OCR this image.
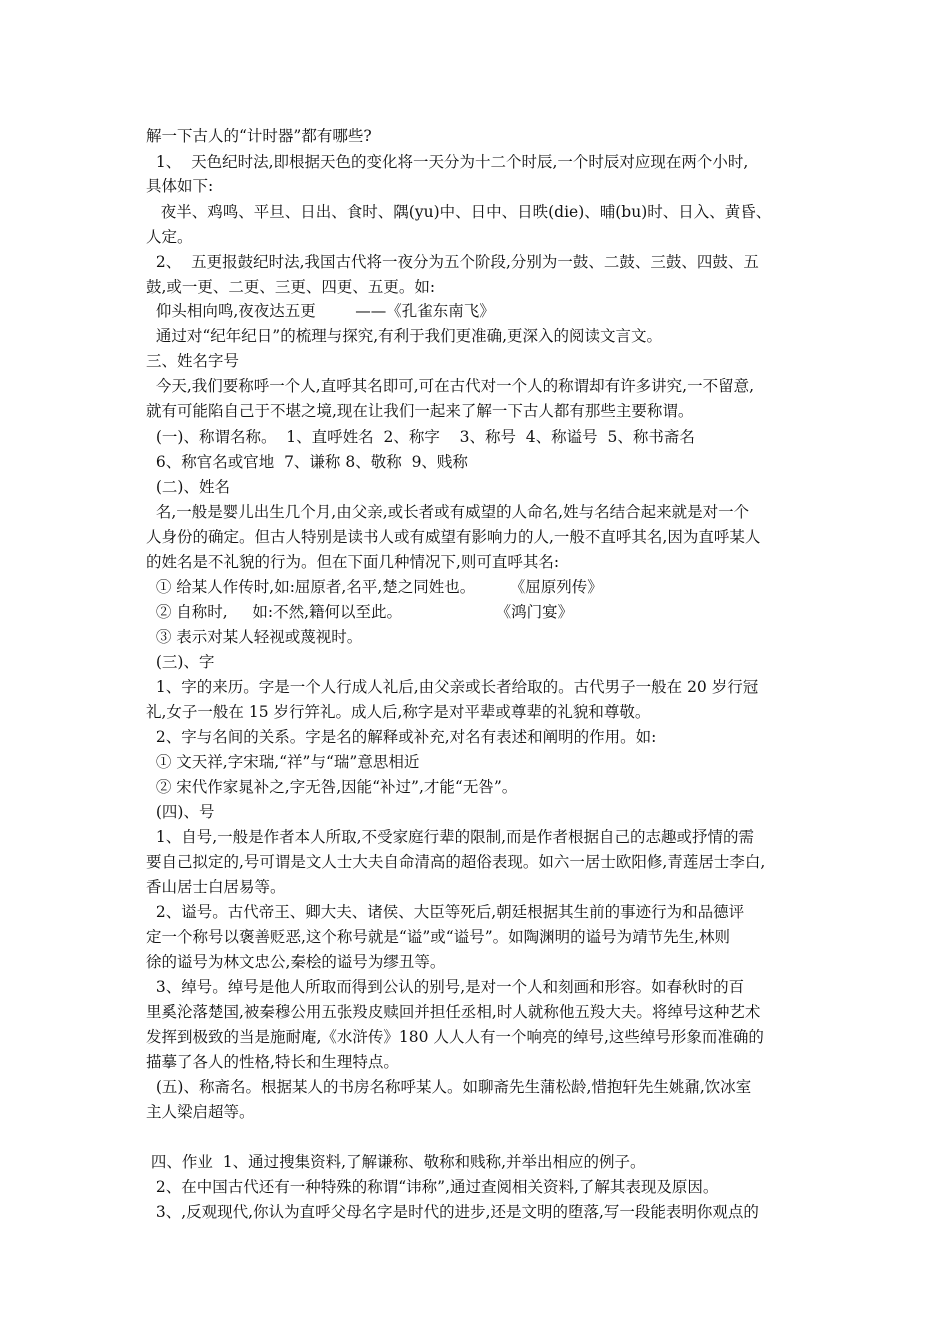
解一下古人的“计时器”都有哪些?
1、  天色纪时法,即根据天色的变化将一天分为十二个时辰,一个时辰对应现在两个小时,
具体如下:
夜半、鸡鸣、平旦、日出、食时、隅(yu)中、日中、日昳(die)、晡(bu)时、日入、黄昏、
人定。
2、  五更报鼓纪时法,我国古代将一夜分为五个阶段,分别为一鼓、二鼓、三鼓、四鼓、五
鼓,或一更、二更、三更、四更、五更。如:
仰头相向鸣,夜夜达五更        ——《孔雀东南飞》
通过对“纪年纪日”的梳理与探究,有利于我们更准确,更深入的阅读文言文。
三、姓名字号
今天,我们要称呼一个人,直呼其名即可,可在古代对一个人的称谓却有许多讲究,一不留意,
就有可能陷自己于不堪之境,现在让我们一起来了解一下古人都有那些主要称谓。
(一)、称谓名称。  1、直呼姓名  2、称字    3、称号  4、称谥号  5、称书斋名
6、称官名或官地  7、谦称 8、敬称  9、贱称
(二)、姓名
名,一般是婴儿出生几个月,由父亲,或长者或有威望的人命名,姓与名结合起来就是对一个
人身份的确定。但古人特别是读书人或有威望有影响力的人,一般不直呼其名,因为直呼某人
的姓名是不礼貌的行为。但在下面几种情况下,则可直呼其名:
① 给某人作传时,如:屈原者,名平,楚之同姓也。       《屈原列传》
② 自称时,     如:不然,籍何以至此。                   《鸿门宴》
③ 表示对某人轻视或蔑视时。
(三)、字
1、字的来历。字是一个人行成人礼后,由父亲或长者给取的。古代男子一般在 20 岁行冠
礼,女子一般在 15 岁行笄礼。成人后,称字是对平辈或尊辈的礼貌和尊敬。
2、字与名间的关系。字是名的解释或补充,对名有表述和阐明的作用。如:
① 文天祥,字宋瑞,“祥”与“瑞”意思相近
② 宋代作家晁补之,字无咎,因能“补过”,才能“无咎”。
(四)、号
1、自号,一般是作者本人所取,不受家庭行辈的限制,而是作者根据自己的志趣或抒情的需
要自己拟定的,号可谓是文人士大夫自命清高的超俗表现。如六一居士欧阳修,青莲居士李白,
香山居士白居易等。
2、谥号。古代帝王、卿大夫、诸侯、大臣等死后,朝廷根据其生前的事迹行为和品德评
定一个称号以褒善贬恶,这个称号就是“谥”或“谥号”。如陶渊明的谥号为靖节先生,林则
徐的谥号为林文忠公,秦桧的谥号为缪丑等。
3、绰号。绰号是他人所取而得到公认的别号,是对一个人和刻画和形容。如春秋时的百
里奚沦落楚国,被秦穆公用五张羖皮赎回并担任丞相,时人就称他五羖大夫。将绰号这种艺术
发挥到极致的当是施耐庵,《水浒传》180 人人人有一个响亮的绰号,这些绰号形象而准确的
描摹了各人的性格,特长和生理特点。
(五)、称斋名。根据某人的书房名称呼某人。如聊斋先生蒲松龄,惜抱轩先生姚鼐,饮冰室
主人梁启超等。
四、作业  1、通过搜集资料,了解谦称、敬称和贱称,并举出相应的例子。
2、在中国古代还有一种特殊的称谓“讳称”,通过查阅相关资料,了解其表现及原因。
3、,反观现代,你认为直呼父母名字是时代的进步,还是文明的堕落,写一段能表明你观点的
